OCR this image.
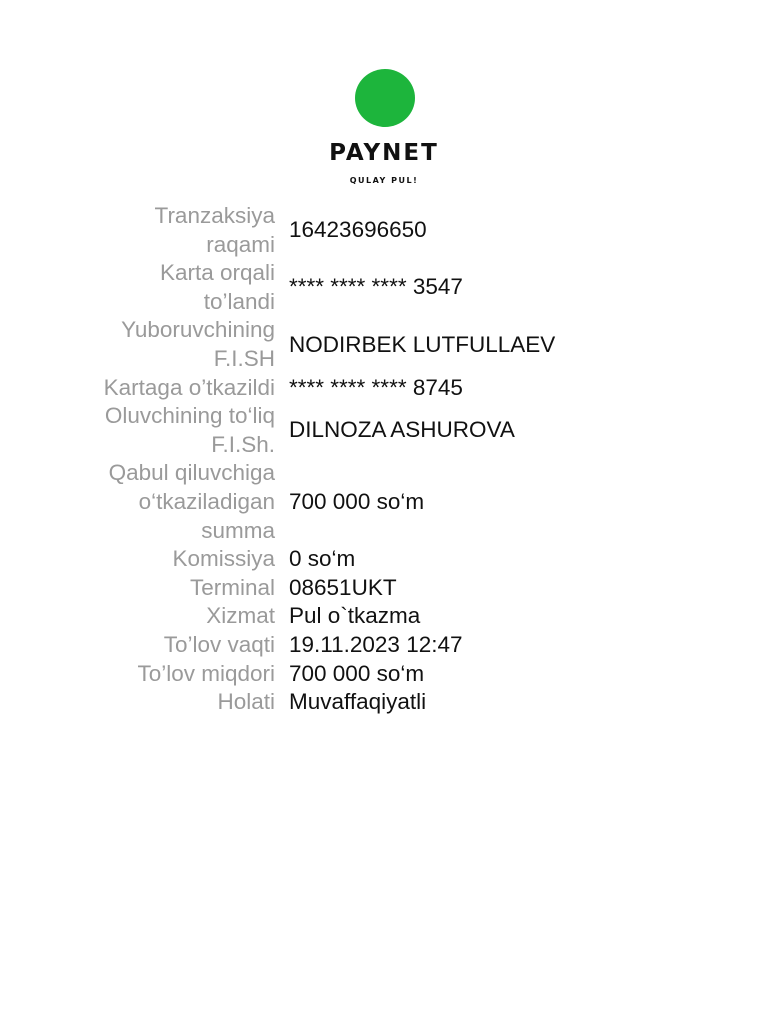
PAYNET
QULAY PUL!
Tranzaksiya
raqami
16423696650
Karta orqali
to’landi
**** **** **** 3547
Yuboruvchining
F.I.SH
NODIRBEK LUTFULLAEV
Kartaga o’tkazildi **** **** **** 8745
Oluvchining to‘liq
F.I.Sh.
DILNOZA ASHUROVA
Qabul qiluvchiga
o‘tkaziladigan
summa
700 000 so‘m
Komissiya 0 so‘m
Terminal 08651UKT
Xizmat Pul o`tkazma
To’lov vaqti 19.11.2023 12:47
To’lov miqdori 700 000 so‘m
Holati Muvaffaqiyatli
